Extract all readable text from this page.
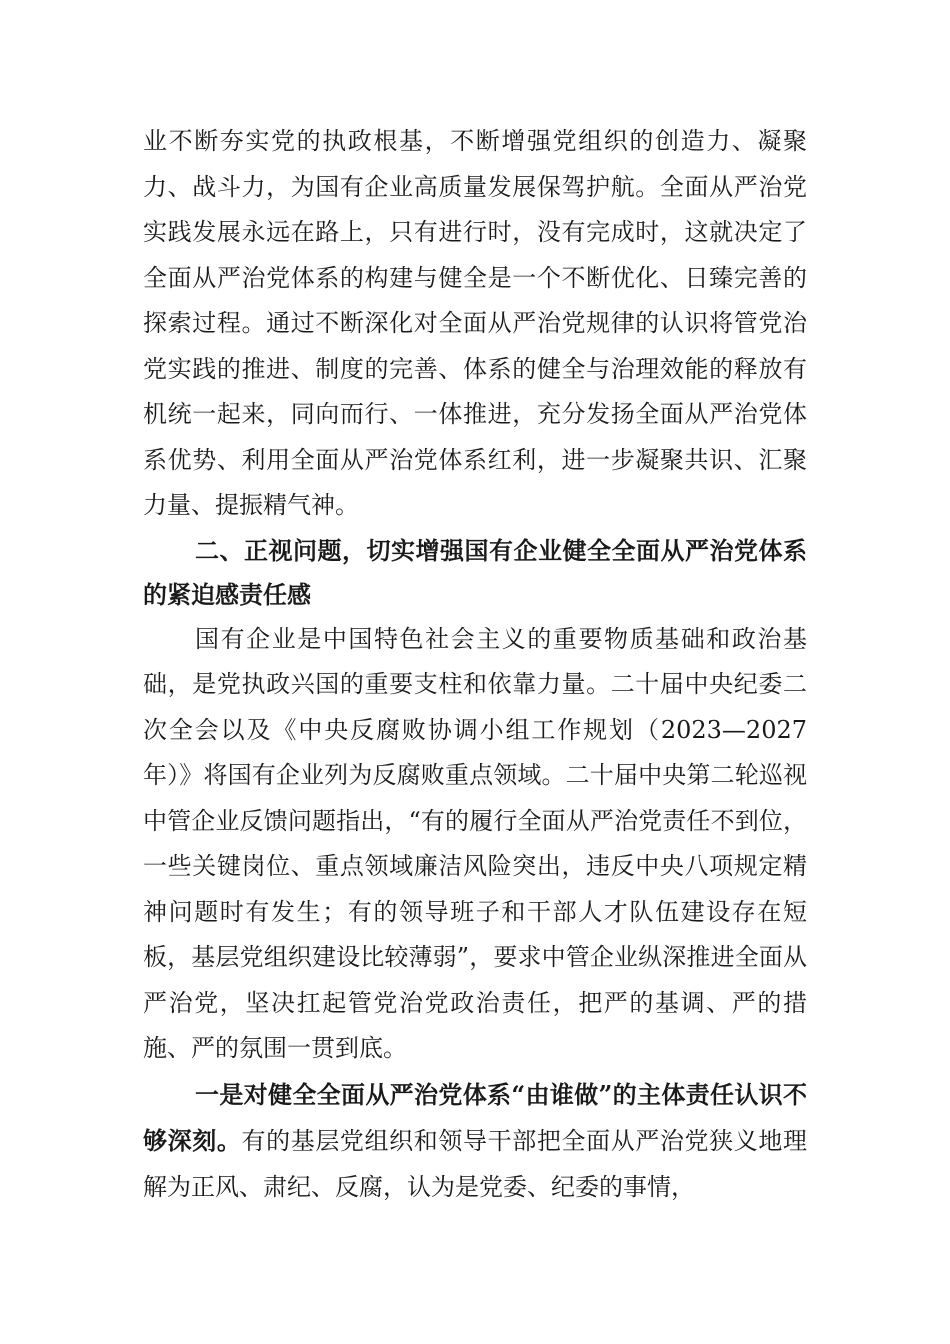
业不断夯实党的执政根基，不断增强党组织的创造力、凝聚力、战斗力，为国有企业高质量发展保驾护航。全面从严治党实践发展永远在路上，只有进行时，没有完成时，这就决定了全面从严治党体系的构建与健全是一个不断优化、日臻完善的探索过程。通过不断深化对全面从严治党规律的认识将管党治党实践的推进、制度的完善、体系的健全与治理效能的释放有机统一起来，同向而行、一体推进，充分发扬全面从严治党体系优势、利用全面从严治党体系红利，进一步凝聚共识、汇聚力量、提振精气神。

二、正视问题，切实增强国有企业健全全面从严治党体系的紧迫感责任感

国有企业是中国特色社会主义的重要物质基础和政治基础，是党执政兴国的重要支柱和依靠力量。二十届中央纪委二次全会以及《中央反腐败协调小组工作规划（2023—2027年）》将国有企业列为反腐败重点领域。二十届中央第二轮巡视中管企业反馈问题指出，“有的履行全面从严治党责任不到位，一些关键岗位、重点领域廉洁风险突出，违反中央八项规定精神问题时有发生；有的领导班子和干部人才队伍建设存在短板，基层党组织建设比较薄弱”，要求中管企业纵深推进全面从严治党，坚决扛起管党治党政治责任，把严的基调、严的措施、严的氛围一贯到底。

一是对健全全面从严治党体系“由谁做”的主体责任认识不够深刻。有的基层党组织和领导干部把全面从严治党狭义地理解为正风、肃纪、反腐，认为是党委、纪委的事情，
